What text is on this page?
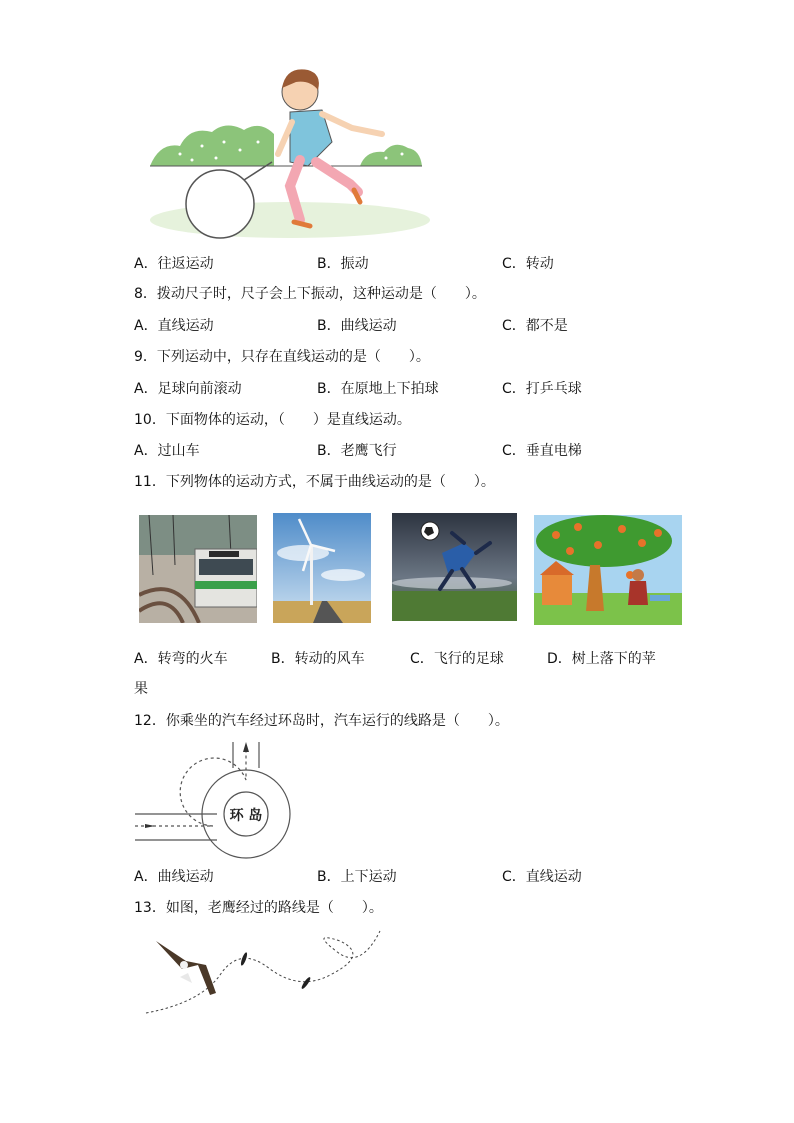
A．往返运动	B．振动	C．转动
8．拨动尺子时，尺子会上下振动，这种运动是（　　）。
A．直线运动	B．曲线运动	C．都不是
9．下列运动中，只存在直线运动的是（　　）。
A．足球向前滚动	B．在原地上下拍球	C．打乒乓球
10．下面物体的运动，（　　）是直线运动。
A．过山车	B．老鹰飞行	C．垂直电梯
11．下列物体的运动方式，不属于曲线运动的是（　　）。
A．转弯的火车	B．转动的风车	C．飞行的足球	D．树上落下的苹
果
12．你乘坐的汽车经过环岛时，汽车运行的线路是（　　）。
环 岛
A．曲线运动	B．上下运动	C．直线运动
13．如图，老鹰经过的路线是（　　）。
